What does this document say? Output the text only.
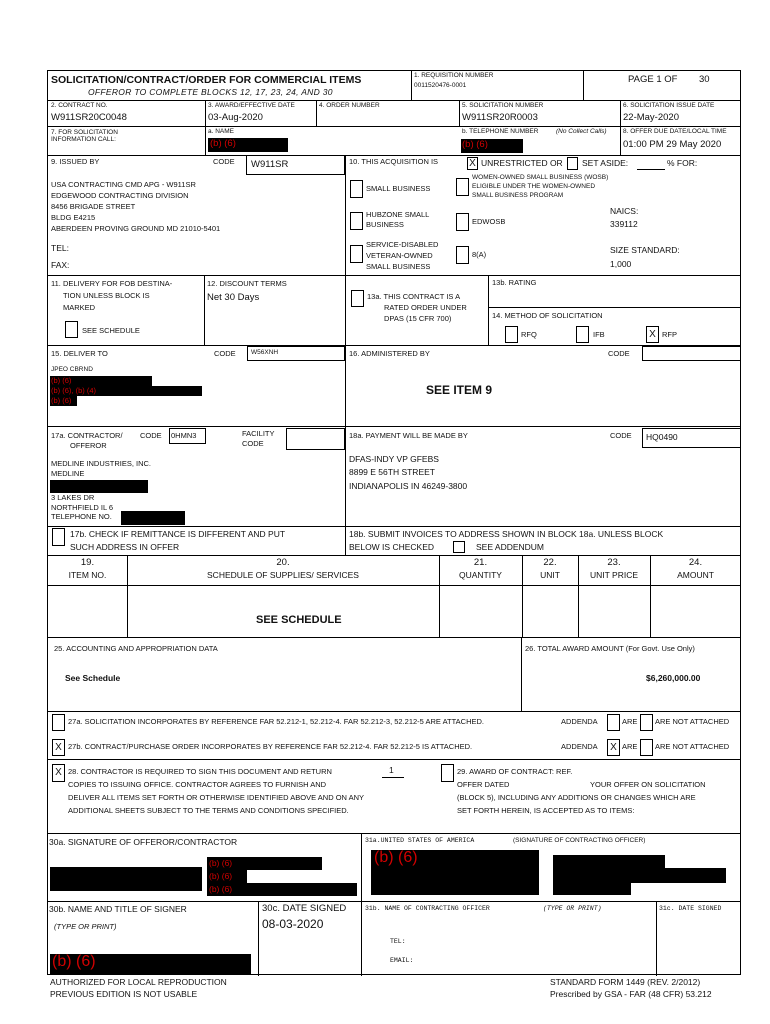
SOLICITATION/CONTRACT/ORDER FOR COMMERCIAL ITEMS
OFFEROR TO COMPLETE BLOCKS 12, 17, 23, 24, AND 30
1. REQUISITION NUMBER
0011520476-0001
PAGE 1 OF 30
2. CONTRACT NO.
W911SR20C0048
3. AWARD/EFFECTIVE DATE
03-Aug-2020
4. ORDER NUMBER	5. SOLICITATION NUMBER
W911SR20R0003
6. SOLICITATION ISSUE DATE
22-May-2020
7. FOR SOLICITATION
INFORMATION CALL:
a. NAME
(b) (6)
b. TELEPHONE NUMBER	(No Collect Calls)
(b) (6)
8. OFFER DUE DATE/LOCAL TIME
01:00 PM 29 May 2020
9. ISSUED BY	CODE W911SR
USA CONTRACTING CMD APG - W911SR
EDGEWOOD CONTRACTING DIVISION
8456 BRIGADE STREET
BLDG E4215
ABERDEEN PROVING GROUND MD 21010-5401
TEL:
FAX:
10. THIS ACQUISITION IS	X UNRESTRICTED OR SET ASIDE:	% FOR:
SMALL BUSINESS
WOMEN-OWNED SMALL BUSINESS (WOSB)
ELIGIBLE UNDER THE WOMEN-OWNED
SMALL BUSINESS PROGRAM
HUBZONE SMALL
BUSINESS	EDWOSB
NAICS:
339112
SERVICE-DISABLED
VETERAN-OWNED
SMALL BUSINESS
8(A)	SIZE STANDARD:
1,000
11. DELIVERY FOR FOB DESTINA-
TION UNLESS BLOCK IS
MARKED
SEE SCHEDULE
12. DISCOUNT TERMS
Net 30 Days	13a. THIS CONTRACT IS A
RATED ORDER UNDER
DPAS (15 CFR 700)
13b. RATING
14. METHOD OF SOLICITATION
RFQ	IFB	X RFP
15. DELIVER TO	CODE W56XNH
JPEO CBRND
(b) (6)
(b) (6), (b) (4)
(b) (6)
16. ADMINISTERED BY	CODE
SEE ITEM 9
17a. CONTRACTOR/ CODE 0HMN3
OFFEROR
FACILITY
CODE
MEDLINE INDUSTRIES, INC.
MEDLINE
3 LAKES DR
NORTHFIELD IL 6
TELEPHONE NO.
18a. PAYMENT WILL BE MADE BY	CODE HQ0490
DFAS-INDY VP GFEBS
8899 E 56TH STREET
INDIANAPOLIS IN 46249-3800
17b. CHECK IF REMITTANCE IS DIFFERENT AND PUT
SUCH ADDRESS IN OFFER
18b. SUBMIT INVOICES TO ADDRESS SHOWN IN BLOCK 18a. UNLESS BLOCK
BELOW IS CHECKED	SEE ADDENDUM
19.
ITEM NO.
20.
SCHEDULE OF SUPPLIES/ SERVICES
21.
QUANTITY
22.
UNIT
23.
UNIT PRICE
24.
AMOUNT
SEE SCHEDULE
25. ACCOUNTING AND APPROPRIATION DATA
See Schedule
26. TOTAL AWARD AMOUNT (For Govt. Use Only)
$6,260,000.00
27a. SOLICITATION INCORPORATES BY REFERENCE FAR 52.212-1, 52.212-4. FAR 52.212-3, 52.212-5 ARE ATTACHED.	ADDENDA	ARE ARE NOT ATTACHED
X 27b. CONTRACT/PURCHASE ORDER INCORPORATES BY REFERENCE FAR 52.212-4. FAR 52.212-5 IS ATTACHED.	ADDENDA	X ARE ARE NOT ATTACHED
X 28. CONTRACTOR IS REQUIRED TO SIGN THIS DOCUMENT AND RETURN	1
COPIES TO ISSUING OFFICE. CONTRACTOR AGREES TO FURNISH AND
DELIVER ALL ITEMS SET FORTH OR OTHERWISE IDENTIFIED ABOVE AND ON ANY
ADDITIONAL SHEETS SUBJECT TO THE TERMS AND CONDITIONS SPECIFIED.
29. AWARD OF CONTRACT: REF.
OFFER DATED	YOUR OFFER ON SOLICITATION
(BLOCK 5), INCLUDING ANY ADDITIONS OR CHANGES WHICH ARE
SET FORTH HEREIN, IS ACCEPTED AS TO ITEMS:
30a. SIGNATURE OF OFFEROR/CONTRACTOR
(b) (6)
(b) (6)
(b) (6)
31a.UNITED STATES OF AMERICA	(SIGNATURE OF CONTRACTING OFFICER)
(b) (6)
30b. NAME AND TITLE OF SIGNER
(TYPE OR PRINT)
(b) (6)
30c. DATE SIGNED
08-03-2020
31b. NAME OF CONTRACTING OFFICER	(TYPE OR PRINT)
TEL:
EMAIL:
31c. DATE SIGNED
AUTHORIZED FOR LOCAL REPRODUCTION
PREVIOUS EDITION IS NOT USABLE
STANDARD FORM 1449 (REV. 2/2012)
Prescribed by GSA - FAR (48 CFR) 53.212
